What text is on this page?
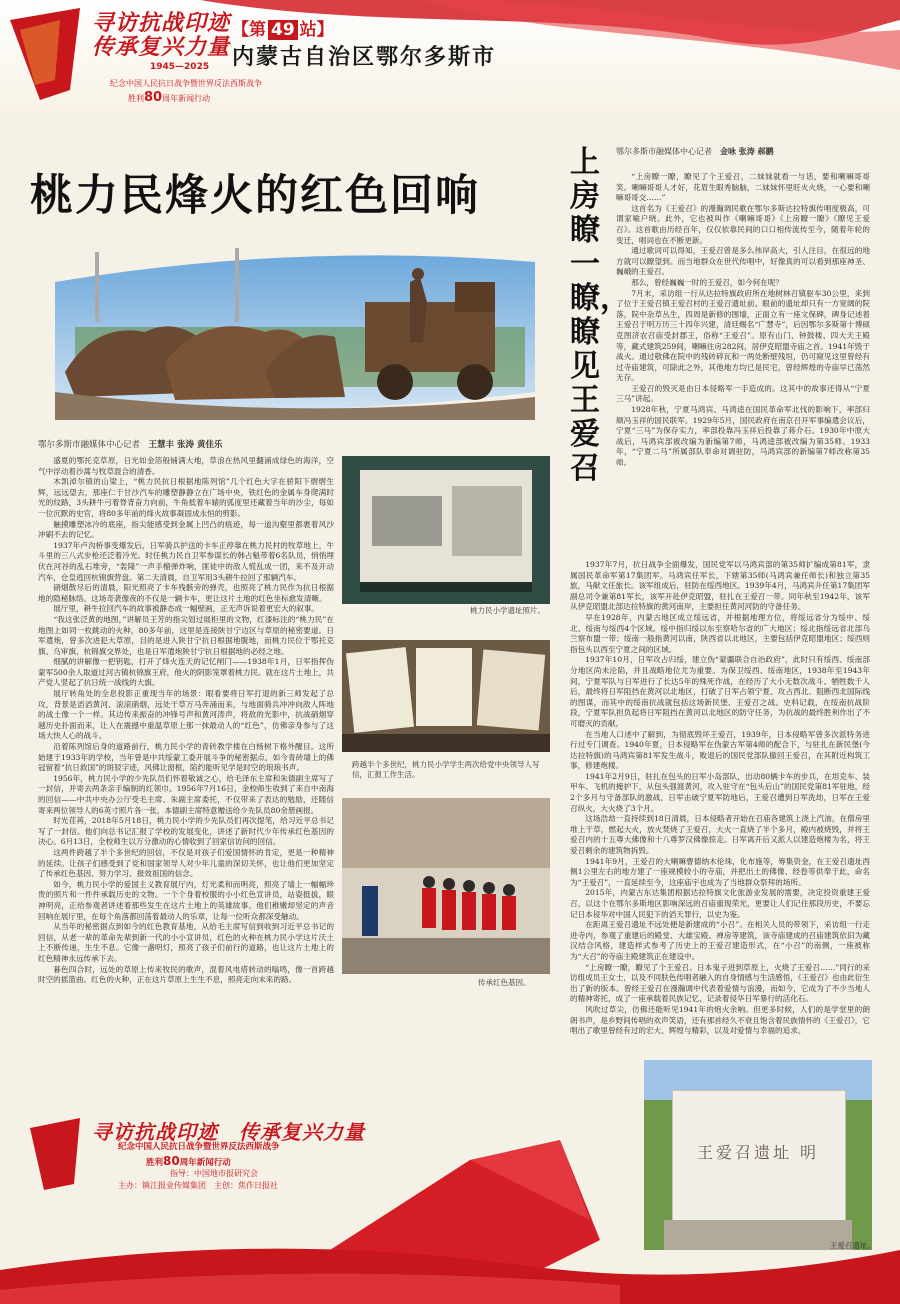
寻访抗战印迹
传承复兴力量
1945—2025
纪念中国人民抗日战争暨世界反法西斯战争
胜利80周年新闻行动
【第 49 站】
内蒙古自治区鄂尔多斯市
桃力民烽火的红色回响
鄂尔多斯市融媒体中心记者　 王慧丰 张涛 黄佳乐

盛夏的鄂托克草原，日光如金箔般铺满大地，草浪在热风里翻涌成绿色的海洋，空气中浮动着沙蒿与牧草混合的清香。

木凯淖尔镇的山梁上，“桃力民抗日根据地陈列馆”几个红色大字在骄阳下熠熠生辉，远远望去，那座仁于甘沙汽车的雕塑静静立在广场中央，铁红色的金属车身爬满时光的纹路，3头耕牛弓着脊背奋力向前，牛角抵着车辕的弧度里还藏着当年的沙尘，每如一位沉默的史官，将80多年前的烽火故事凝固成永恒的剪影。

触摸雕塑冰冷的底座，指尖能感受到金属上凹凸的痕迹，每一道沟壑里都裹着风沙冲刷不去的记忆。

1937年卢沟桥事变爆发后，日军骑兵护送的卡车正停靠在桃力民村的牧草地上，牛斗里的三八式步枪还泛着冷光。时任桃力民自卫军参谋长的韩占魁带着6名队员，悄悄埋伏在河谷的乱石堆旁，“轰隆”一声手榴弹炸响，匪徒中的敌人慌乱成一团，来不及开动汽车，仓皇逃回杭锦旗营盘。第二天清晨，自卫军用3头耕牛拉回了那辆汽车。

硝烟散尽后的清晨，阳光照亮了卡车残骸旁的弹壳，也照亮了桃力民作为抗日根据地的隐秘脉络。这场奇袭像夜的不仅是一辆卡车，更让这片土地的红色坐标愈发清晰。

展厅里，耕牛拉回汽车的故事被静态成一幅壁画，正无声诉说着更宏大的叙事。

“我这张泛黄的地图，”讲解员王芳的指尖划过展柜里的文物，红漆标注的“桃力民”在地图上如同一枚跳动的火种，80多年前，这里是连接陕甘宁边区与草原的秘密要道。日军遣炮，曾多次进犯大草原，目的是进入陕甘宁抗日根据地腹地，而桃力民位于鄂托克旗、乌审旗、杭锦旗交界处，也是日军遣炮陕甘宁抗日根据地的必经之地。

细腻的讲解像一把钥匙，打开了烽火连天的记忆闸门——1938年1月，日军指挥伪蒙军500余人取道过河古镇杭锦旗王府，他火的阴影笼罩着桃力民。就在这片土地上，共产党人竖起了抗日统一战线的大旗。

展厅转角处的全息投影正重现当年的场景：眼看要将日军打退的新三师发起了总攻，背景是滔滔黄河、滚滚硝烟，远处干草万马奔涌而来，与地面骑兵冲冲向敌人阵地的战士像一个一样。其边传来振奋的冲锋号声和黄河涛声，将敌的光影中，抗战硝烟穿越历史扑面而来，让人在震撼中重温草原上那一抹最动人的“红色”，仿佛亲身参与了这场大快人心的战斗。

沿着陈列馆后身的道路前行，桃力民小学的青砖教学楼在白杨树下格外醒目。这所始建于1933年的学校，当年曾是中共绥蒙工委开展斗争的秘密据点，如今青砖墙上的佛冠留着“抗日救国”的斑驳字迹，风佛让窗框，陷约能听见学是时空的琅琅书声。

1956年，桃力民小学的少先队员们怀着敬诚之心，给毛泽东主席和朱德副主席写了一封信，并寄去两条亲手编制的红领巾。1956年7月16日，金校师生收到了来自中南海的回信——中共中央办公厅受毛主席、朱副主席委托，不仅带来了表达的勉励，还随信寄来两位领导人的6英寸照片各一张，本德副主席特意赠送给少先队员80余册画报。

时光荏苒，2018年5月18日，桃力民小学的少先队员们再次提笔，给习近平总书记写了一封信。他们向总书记汇报了学校的发展变化，讲述了新时代少年传承红色基因的决心。6月13日，全校师生以万分激动的心情收到了回家信访问的回信。

这两件跨越了半个多世纪的回信，不仅是对孩子们爱国情怀的肯定，更是一种精神的延续。让孩子们感受到了党和国家领导人对少年儿童的深切关怀，也让他们更加坚定了传承红色基因、努力学习、报效祖国的信念。

如今，桃力民小学的爱国主义教育展厅内，灯光柔和而明亮，照亮了墙上一幅幅珍贵的照片和一件件承载历史的文物。一个个身着校服的小小红色宣讲员，站姿挺拔，眼神明亮，正给参观者讲述着那些发生在这片土地上的英雄故事。他们稚嫩却坚定的声音回响在展厅里，在每个角落都回荡着最动人的乐章，让每一位听众都深受触动。

从当年的秘密据点到如今的红色教育基地，从给毛主席写信到收到习近平总书记的回信，从老一辈的革命先辈到新一代的小小宣讲员，红色的火种在桃力民小学这片沃土上不断传递，生生不息。它像一盏明灯，照亮了孩子们前行的道路，也让这片土地上的红色精神永远传承下去。

暮色四合时，远处的草原上传来牧民的歌声，混着风电塔转动的嗡鸣，像一首跨越时空的摇篮曲。红色的火种，正在这片草原上生生不息，照亮走向未来的路。

桃力民小学遗址照片。
跨越半个多世纪，桃力民小学学生两次给党中央领导人写信，汇报工作生活。
传承红色基因。
上房瞭一瞭，瞭见王爱召
鄂尔多斯市融媒体中心记者　 金咏 张涛 郝鹏

“上房瞭一瞭，瞭见了个王爱召，二妹妹就看一与话，要和喇嘛哥哥笑。喇嘛哥哥人才好，花眉生眼秀脑脑，二妹妹怀里旺火火烧，一心要和喇嘛哥哥交……”

这首名为《王爱召》的漫瀚调民歌在鄂尔多斯达拉特旗传唱度极高，可谓家喻户晓。此外，它也被叫作《喇嘛哥哥》《上房瞭一瞭》《瞭见王爱召》。这首歌由历经百年，仅仅依靠民间的口口相传流传至今，随着年轮的变迁，唱词也在不断更新。

通过歌词可以得知，王爱召曾是多么伟岸高大，引人注目，在很远的地方就可以瞭望到。而当地群众在世代传唱中，好像真的可以看到那座神圣、巍峨的王爱召。

那么，曾经巍巍一时的王爱召，如今何在呢？

7月末，采访组一行从达拉特旗政府所在地树林召镇驱车30公里，来到了位于王爱召镇王爱召村的王爱召遗址前。眼前的遗址却只有一方宽阔的院落，院中杂草丛生，四周是新修的围墙，正面立有一座文保碑，碑身记述着王爱召于明万历三十四年兴建，清廷赐名“广慧寺”，后因鄂尔多斯第十博硕克图济农召庙受封郡王，俗称“王爱召”。原有山门、钟鼓楼、四大天王殿等，藏式建筑259间，喇嘛住房282间，居伊克昭盟寺庙之首。1941年毁于战火。通过敬佛在院中的残砖碎瓦和一两处断壁残垣，仍可窥见这里曾经有过寺庙建筑，可除此之外，其他地方均已是民宅，曾经辉煌的寺庙早已荡然无存。

王爱召的毁灭是由日本侵略军一手造成的。这其中的故事还得从“宁夏三马”讲起。

1928年秋，宁夏马鸿宾、马鸿逵在国民革命军北伐的影响下，率部归顺冯玉祥的国民联军。1929年5月，国民政府在南京召开军事编遣会议后，宁夏“三马”为保存实力，率部投靠冯玉祥后投靠了蒋介石。1930年中原大战后，马鸿宾部被改编为新编第7师，马鸿逵部被改编为第35师。1933年，“宁夏二马”所属部队奉命对调驻防，马鸿宾部的新编第7师改称第35师。

1937年7月，抗日战争全面爆发，国民党军以马鸿宾部的第35师扩编成第81军，隶属国民革命军第17集团军。马鸿宾任军长，下辖第35师(马鸿宾兼任师长)和独立第35旅，马献文任旅长。该军组成后，驻防在绥西地区。1939年4月，马鸿宾升任第17集团军副总司令兼第81军长，该军开赴伊克昭盟，驻扎在王爱召一带。同年秋至1942年，该军从伊克昭盟北部达拉特旗的黄河南岸，主要担任黄河河防的守备任务。

早在1928年，内蒙古地区成立绥远省，并根据地理方位，将绥远省分为绥中、绥北、绥南与绥西4个区域。绥中指归绥以东至察哈尔省的广大地区；绥北指绥远省北部乌兰察布盟一带；绥南一般指黄河以南，陕西省以北地区，主要包括伊克昭盟地区；绥西则指包头以西至宁夏之间的区域。

1937年10月，日军攻占归绥，建立伪“蒙疆联合自治政府”，此时只有绥西、绥南部分地区尚未沦陷，并且战略地位尤为重要。为保卫绥西、绥南地区，1938年至1943年间，宁夏军队与日军进行了长达5年的殊死作战，在经历了大小无数次战斗、牺牲数千人后，最终将日军阻挡在黄河以北地区，打破了日军占领宁夏、攻占西北、阻断西北国际线的图谋，而其中的绥南抗战就包括这场新民堡、王爱召之战。史料记载，在绥南抗战阶段，宁夏军队担负起将日军阻挡在黄河以北地区的防守任务，为抗战的最终胜利作出了不可磨灭的贡献。

在当地人口述中了解到，为彻底毁坏王爱召，1939年，日本侵略军曾多次派特务进行过专门调查。1940年夏，日本侵略军在伪蒙古军第4师的配合下，与驻扎在新民堡(今达拉特旗)的马鸿宾第81军发生战斗，败退后的国民党部队撤回王爱召，在其附近构筑工事，修建炮楼。

1941年2月9日，驻扎在包头的日军小岛部队，出动80辆卡车的步兵，在坦克车、装甲车、飞机的掩护下，从包头强渡黄河，攻入驻守在“包头后山”的国民党第81军驻地，经2个多月与守备部队的激战，日军击破宁夏军防地后，王爱召遭到日军洗劫，日军在王爱召纵火，大火烧了3个月。

这场浩劫一直持续到18日清晨，日本侵略者开始在召庙各建筑上浇上汽油，在僧房里堆上干草，燃起大火，放火焚烧了王爱召，大火一直烧了半个多月，殿内被烧毁，并将王爱召内的十五尊大佛像和十八尊罗汉佛像掠走。日军离开后又派人以建造炮楼为名，将王爱召剩余的建筑物拆毁。

1941年9月，王爱召的大喇嘛曹德纳木伦珠，化布施等，筹集资金，在王爱召遗址西侧1公里左右的地方建了一座规模较小的寺庙，并把出土的佛像、经卷等供奉于此，命名为“王爱召”，一直延续至今，这座庙宇也成为了当地群众祭拜的场所。

2015年，内蒙古东达集团根据达拉特旗文化旅游业发展的需要，决定投资重建王爱召，以这个在鄂尔多斯地区影响深远的召庙重现荣光，更要让人们记住那段历史，不要忘记日本侵华对中国人民犯下的滔天罪行，以史为鉴。

在距离王爱召遗址不远处便是新建成的“小召”。在相关人员的带领下，采访组一行走进寺内，参观了重建后的殿堂、大雄宝殿、禅房等建筑，该寺庙建成的召庙建筑依旧为藏汉结合风格，建造样式参考了历史上的王爱召建造形式，在“小召”的南侧，一座被称为“大召”的寺庙主殿建筑正在建设中。

“上房瞭一瞭，瞭见了个王爱召。日本鬼子进到草原上，火烧了王爱召……”同行的采访组成员王女士，以及不同肤色传唱者融入的自身情感与生活感悟，《王爱召》也由此衍生出了新的版本。曾经王爱召在漫瀚调中代表着爱情与浪漫，而如今，它成为了不少当地人的精神寄托，成了一座承载着民族记忆、记录着侵华日军暴行的活化石。

风吹过草尖，仿佛还能听见1941年的炮火余响。但更多时候，人们的是学堂里的朗朗书声，是乡野间传唱的欢声笑语，还有那首经久不衰且饱含着民族情怀的《王爱召》，它唱出了歌里曾经有过的宏大、辉煌与精彩，以及对爱情与幸福的追求。

王爱召遗址 明
王爱召遗址。
寻访抗战印迹　 传承复兴力量
纪念中国人民抗日战争暨世界反法西斯战争
胜利80周年新闻行动
指导：中国地市报研究会
主办：镇江报业传媒集团　主创：焦作日报社
